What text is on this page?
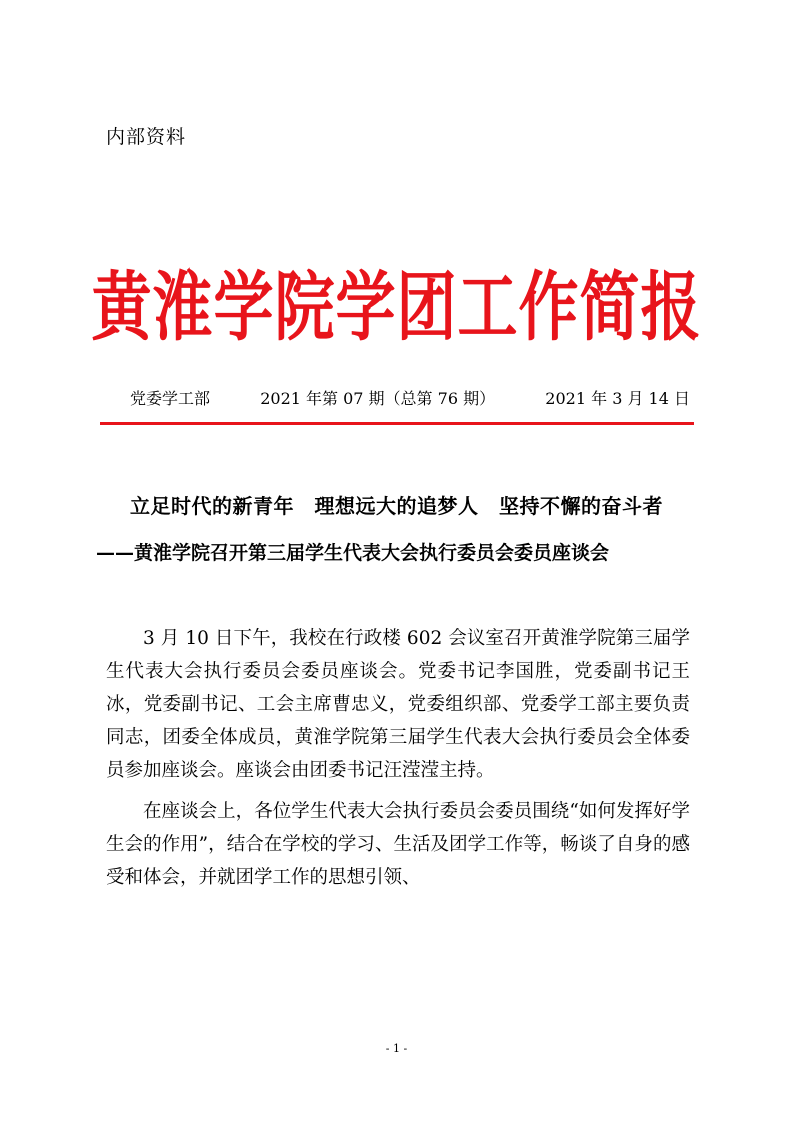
内部资料
黄淮学院学团工作简报
党委学工部	2021 年第 07 期（总第 76 期）	2021 年 3 月 14 日
立足时代的新青年　理想远大的追梦人　坚持不懈的奋斗者
——黄淮学院召开第三届学生代表大会执行委员会委员座谈会

3 月 10 日下午，我校在行政楼 602 会议室召开黄淮学院第三届学生代表大会执行委员会委员座谈会。党委书记李国胜，党委副书记王冰，党委副书记、工会主席曹忠义，党委组织部、党委学工部主要负责同志，团委全体成员，黄淮学院第三届学生代表大会执行委员会全体委员参加座谈会。座谈会由团委书记汪滢滢主持。

在座谈会上，各位学生代表大会执行委员会委员围绕“如何发挥好学生会的作用”，结合在学校的学习、生活及团学工作等，畅谈了自身的感受和体会，并就团学工作的思想引领、

- 1 -
